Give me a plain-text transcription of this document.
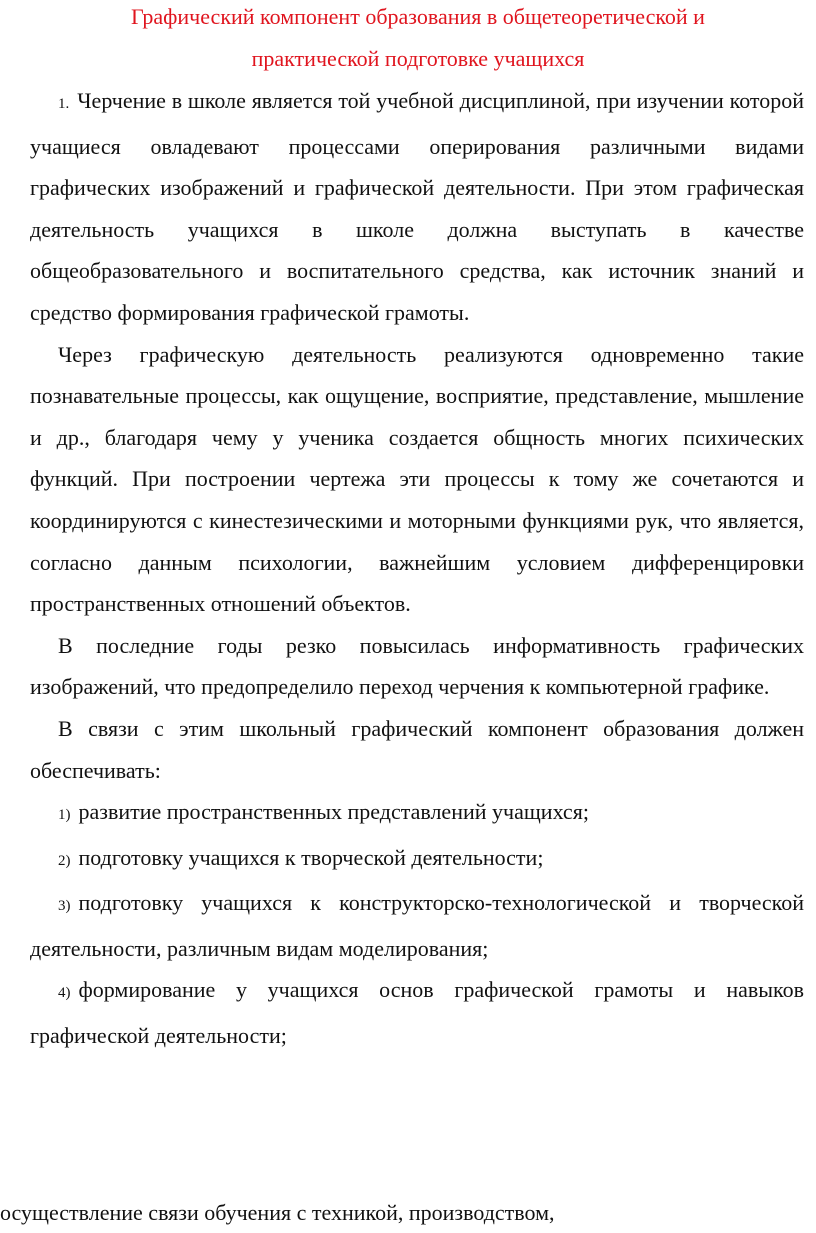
Графический компонент образования в общетеоретической и

практической подготовке учащихся

1. Черчение в школе является той учебной дисциплиной, при изучении которой учащиеся овладевают процессами оперирования различными видами графических изображений и графической деятельности. При этом графическая деятельность учащихся в школе должна выступать в качестве общеобразовательного и воспитательного средства, как источник знаний и средство формирования графической грамоты.

Через графическую деятельность реализуются одновременно такие познавательные процессы, как ощущение, восприятие, представление, мышление и др., благодаря чему у ученика создается общность многих психических функций. При построении чертежа эти процессы к тому же сочетаются и координируются с кинестезическими и моторными функциями рук, что является, согласно данным психологии, важнейшим условием дифференцировки пространственных отношений объектов.

В последние годы резко повысилась информативность графических изображений, что предопределило переход черчения к компьютерной графике.

В связи с этим школьный графический компонент образования должен обеспечивать:

1) развитие пространственных представлений учащихся;

2) подготовку учащихся к творческой деятельности;

3) подготовку учащихся к конструкторско-технологической и творческой деятельности, различным видам моделирования;

4) формирование у учащихся основ графической грамоты и навыков графической деятельности;

осуществление связи обучения с техникой, производством,
